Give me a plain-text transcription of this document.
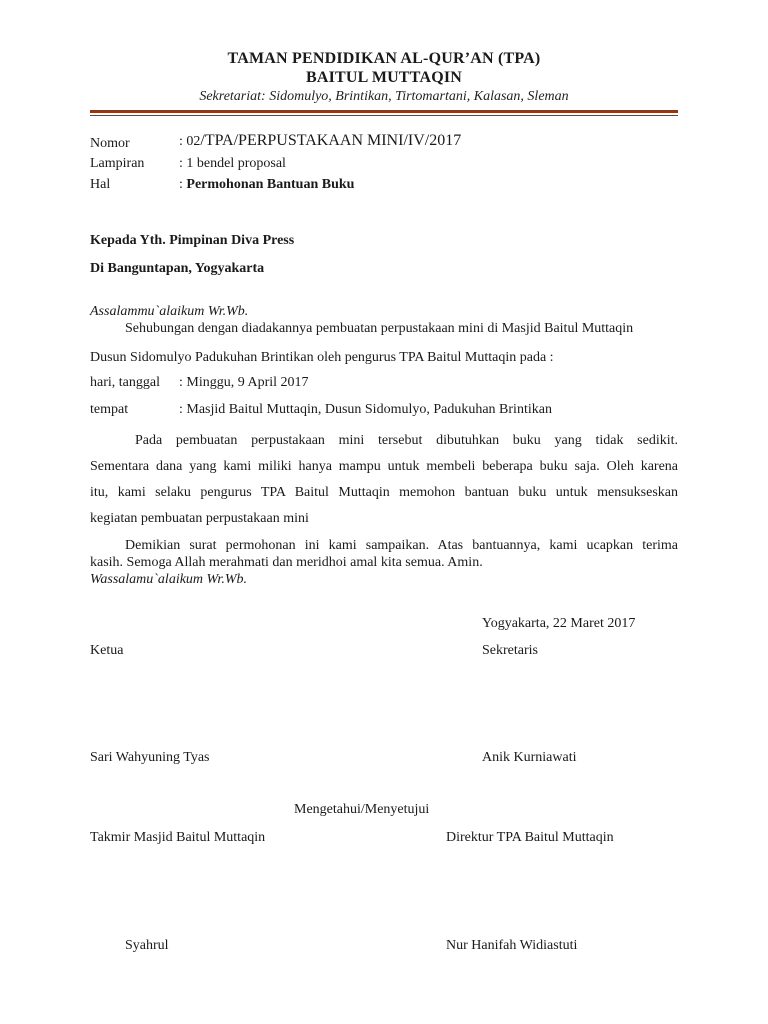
TAMAN PENDIDIKAN AL-QUR’AN (TPA)
BAITUL MUTTAQIN
Sekretariat: Sidomulyo, Brintikan, Tirtomartani, Kalasan, Sleman
Nomor	: 02/TPA/PERPUSTAKAAN MINI/IV/2017
Lampiran : 1 bendel proposal
Hal	: Permohonan Bantuan Buku
Kepada Yth. Pimpinan Diva Press
Di Banguntapan, Yogyakarta
Assalammu`alaikum Wr.Wb.
Sehubungan dengan diadakannya pembuatan perpustakaan mini di Masjid Baitul Muttaqin
Dusun Sidomulyo Padukuhan Brintikan oleh pengurus TPA Baitul Muttaqin pada :
hari, tanggal : Minggu, 9 April 2017
tempat	: Masjid Baitul Muttaqin, Dusun Sidomulyo, Padukuhan Brintikan
Pada pembuatan perpustakaan mini tersebut dibutuhkan buku yang tidak sedikit.
Sementara dana yang kami miliki hanya mampu untuk membeli beberapa buku saja. Oleh karena
itu, kami selaku pengurus TPA Baitul Muttaqin memohon bantuan buku untuk mensukseskan
kegiatan pembuatan perpustakaan mini
Demikian surat permohonan ini kami sampaikan. Atas bantuannya, kami ucapkan terima
kasih. Semoga Allah merahmati dan meridhoi amal kita semua. Amin.
Wassalamu`alaikum Wr.Wb.
Yogyakarta, 22 Maret 2017
Ketua	Sekretaris
Sari Wahyuning Tyas	Anik Kurniawati
Mengetahui/Menyetujui
Takmir Masjid Baitul Muttaqin	Direktur TPA Baitul Muttaqin
Syahrul	Nur Hanifah Widiastuti
